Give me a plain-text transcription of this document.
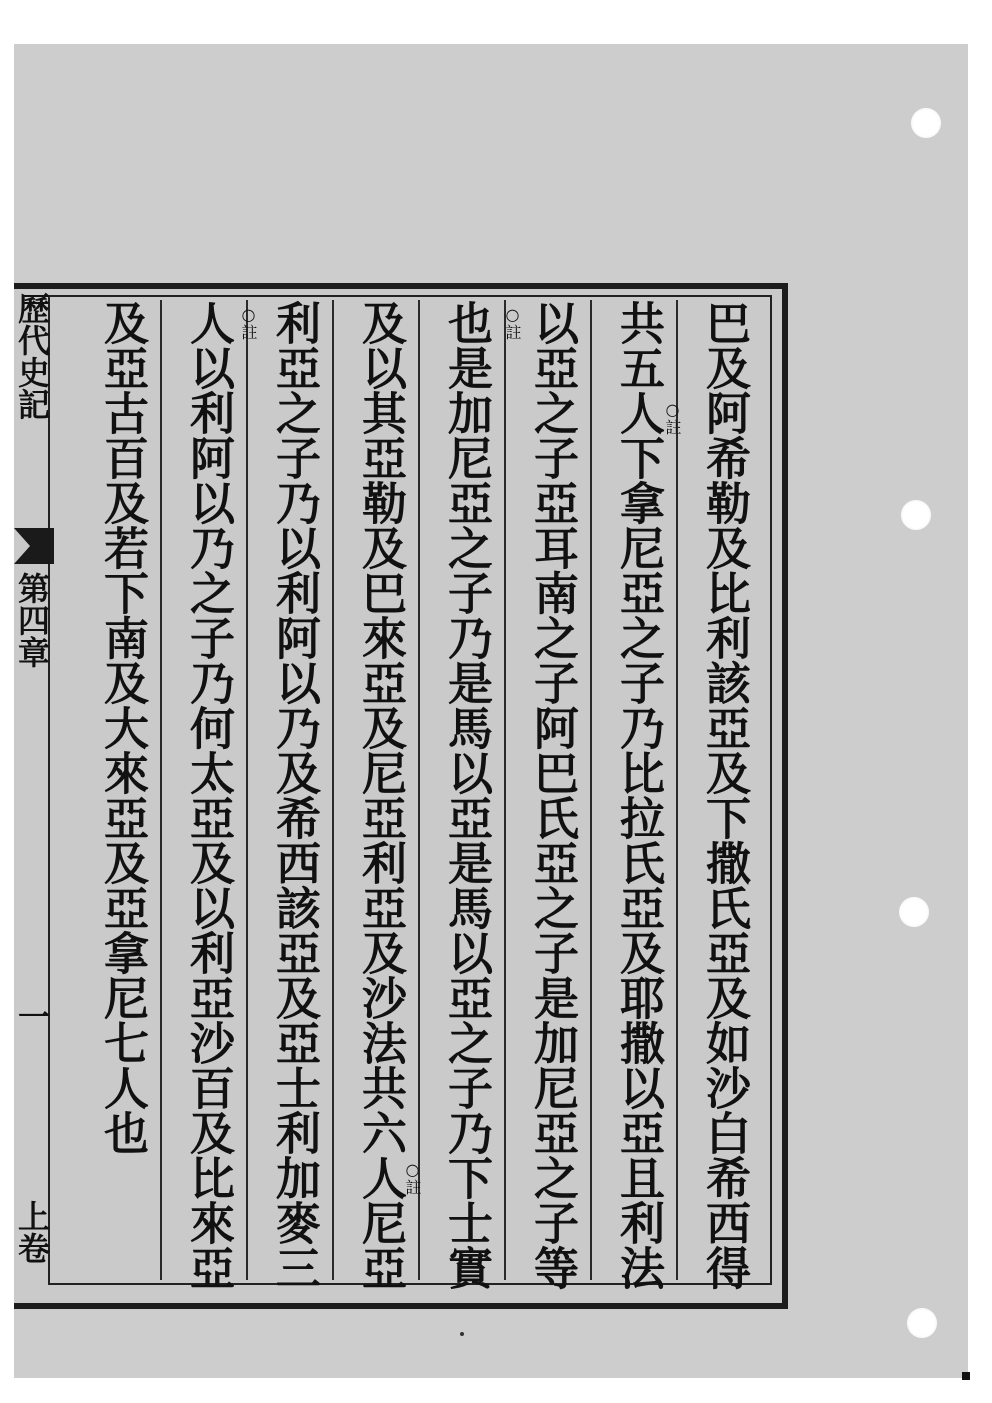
歷代史記
第四章
一
上卷	巴及阿希勒及比利該亞及下撒氏亞及如沙白希西得
共五人下拿尼亞之子乃比拉氏亞及耶撒以亞且利法
以亞之子亞耳南之子阿巴氏亞之子是加尼亞之子等
也是加尼亞之子乃是馬以亞是馬以亞之子乃下士實
及以其亞勒及巴來亞及尼亞利亞及沙法共六人尼亞
利亞之子乃以利阿以乃及希西該亞及亞士利加麥三
人以利阿以乃之子乃何太亞及以利亞沙百及比來亞
及亞古百及若下南及大來亞及亞拿尼七人也	○註
○註
○註
○註
